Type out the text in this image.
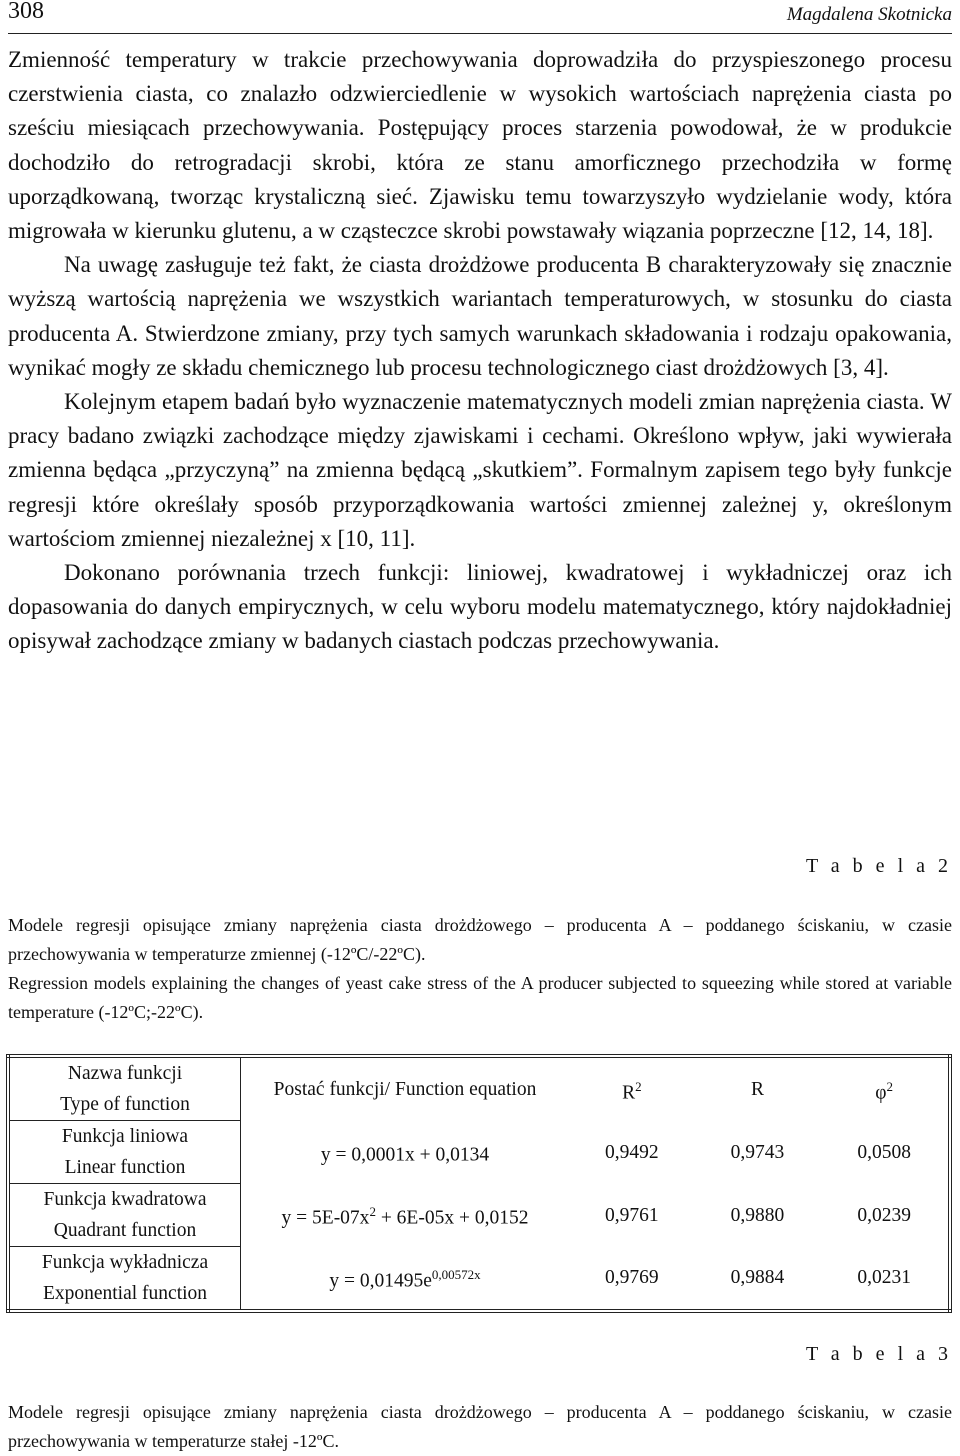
308	Magdalena Skotnicka

Zmienność temperatury w trakcie przechowywania doprowadziła do przyspieszonego procesu czerstwienia ciasta, co znalazło odzwierciedlenie w wysokich wartościach naprężenia ciasta po sześciu miesiącach przechowywania. Postępujący proces starzenia powodował, że w produkcie dochodziło do retrogradacji skrobi, która ze stanu amorficznego przechodziła w formę uporządkowaną, tworząc krystaliczną sieć. Zjawisku temu towarzyszyło wydzielanie wody, która migrowała w kierunku glutenu, a w cząsteczce skrobi powstawały wiązania poprzeczne [12, 14, 18].

Na uwagę zasługuje też fakt, że ciasta drożdżowe producenta B charakteryzowały się znacznie wyższą wartością naprężenia we wszystkich wariantach temperaturowych, w stosunku do ciasta producenta A. Stwierdzone zmiany, przy tych samych warunkach składowania i rodzaju opakowania, wynikać mogły ze składu chemicznego lub procesu technologicznego ciast drożdżowych [3, 4].

Kolejnym etapem badań było wyznaczenie matematycznych modeli zmian naprężenia ciasta. W pracy badano związki zachodzące między zjawiskami i cechami. Określono wpływ, jaki wywierała zmienna będąca „przyczyną” na zmienna będącą „skutkiem”. Formalnym zapisem tego były funkcje regresji które określały sposób przyporządkowania wartości zmiennej zależnej y, określonym wartościom zmiennej niezależnej x [10, 11].

Dokonano porównania trzech funkcji: liniowej, kwadratowej i wykładniczej oraz ich dopasowania do danych empirycznych, w celu wyboru modelu matematycznego, który najdokładniej opisywał zachodzące zmiany w badanych ciastach podczas przechowywania.

T a b e l a 2

Modele regresji opisujące zmiany naprężenia ciasta drożdżowego – producenta A – poddanego ściskaniu, w czasie przechowywania w temperaturze zmiennej (-12ºC/-22ºC).

Regression models explaining the changes of yeast cake stress of the A producer subjected to squeezing while stored at variable temperature (-12ºC;-22ºC).

Nazwa funkcji
Type of function	Postać funkcji/ Function equation	$R^2$	R	$\varphi^2$

Funkcja liniowa
Linear function	y = 0,0001x + 0,0134	0,9492	0,9743	0,0508

Funkcja kwadratowa
Quadrant function	$y = 5E-07x^2 + 6E-05x + 0,0152$	0,9761	0,9880	0,0239

Funkcja wykładnicza
Exponential function	$y = 0,01495e^{0,00572x}$	0,9769	0,9884	0,0231
T a b e l a 3

Modele regresji opisujące zmiany naprężenia ciasta drożdżowego – producenta A – poddanego ściskaniu, w czasie przechowywania w temperaturze stałej -12ºC.
